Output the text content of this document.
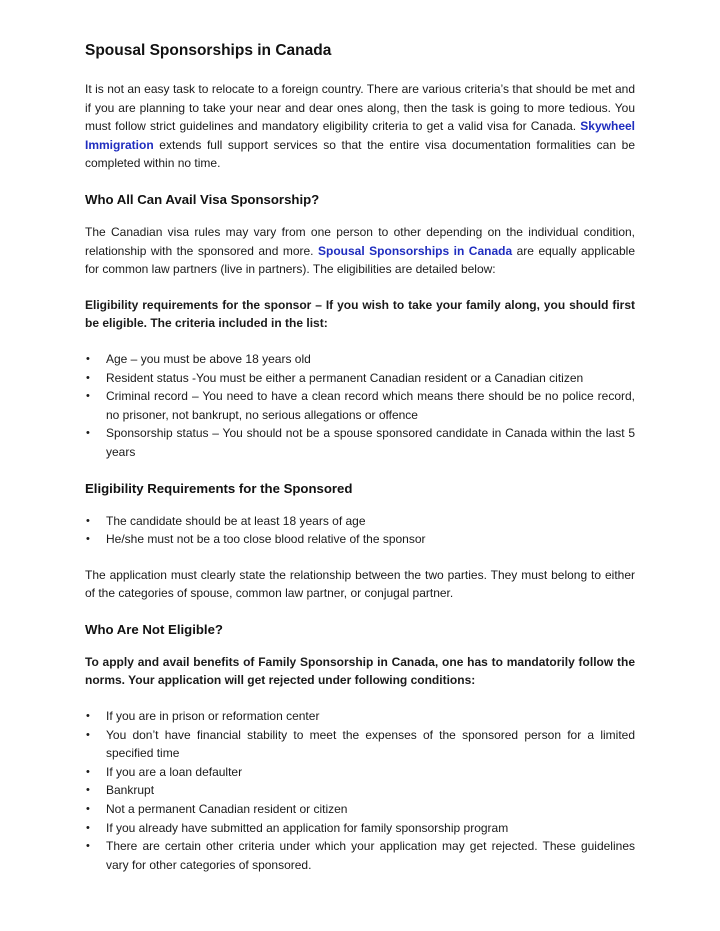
Spousal Sponsorships in Canada

It is not an easy task to relocate to a foreign country. There are various criteria’s that should be met and if you are planning to take your near and dear ones along, then the task is going to more tedious. You must follow strict guidelines and mandatory eligibility criteria to get a valid visa for Canada. Skywheel Immigration extends full support services so that the entire visa documentation formalities can be completed within no time.

Who All Can Avail Visa Sponsorship?

The Canadian visa rules may vary from one person to other depending on the individual condition, relationship with the sponsored and more. Spousal Sponsorships in Canada are equally applicable for common law partners (live in partners). The eligibilities are detailed below:

Eligibility requirements for the sponsor – If you wish to take your family along, you should first be eligible. The criteria included in the list:

• Age – you must be above 18 years old
• Resident status -You must be either a permanent Canadian resident or a Canadian citizen
• Criminal record – You need to have a clean record which means there should be no police record, no prisoner, not bankrupt, no serious allegations or offence
• Sponsorship status – You should not be a spouse sponsored candidate in Canada within the last 5 years
Eligibility Requirements for the Sponsored
• The candidate should be at least 18 years of age
• He/she must not be a too close blood relative of the sponsor

The application must clearly state the relationship between the two parties. They must belong to either of the categories of spouse, common law partner, or conjugal partner.

Who Are Not Eligible?

To apply and avail benefits of Family Sponsorship in Canada, one has to mandatorily follow the norms. Your application will get rejected under following conditions:

• If you are in prison or reformation center
• You don’t have financial stability to meet the expenses of the sponsored person for a limited specified time
• If you are a loan defaulter
• Bankrupt
• Not a permanent Canadian resident or citizen
• If you already have submitted an application for family sponsorship program
• There are certain other criteria under which your application may get rejected. These guidelines vary for other categories of sponsored.
